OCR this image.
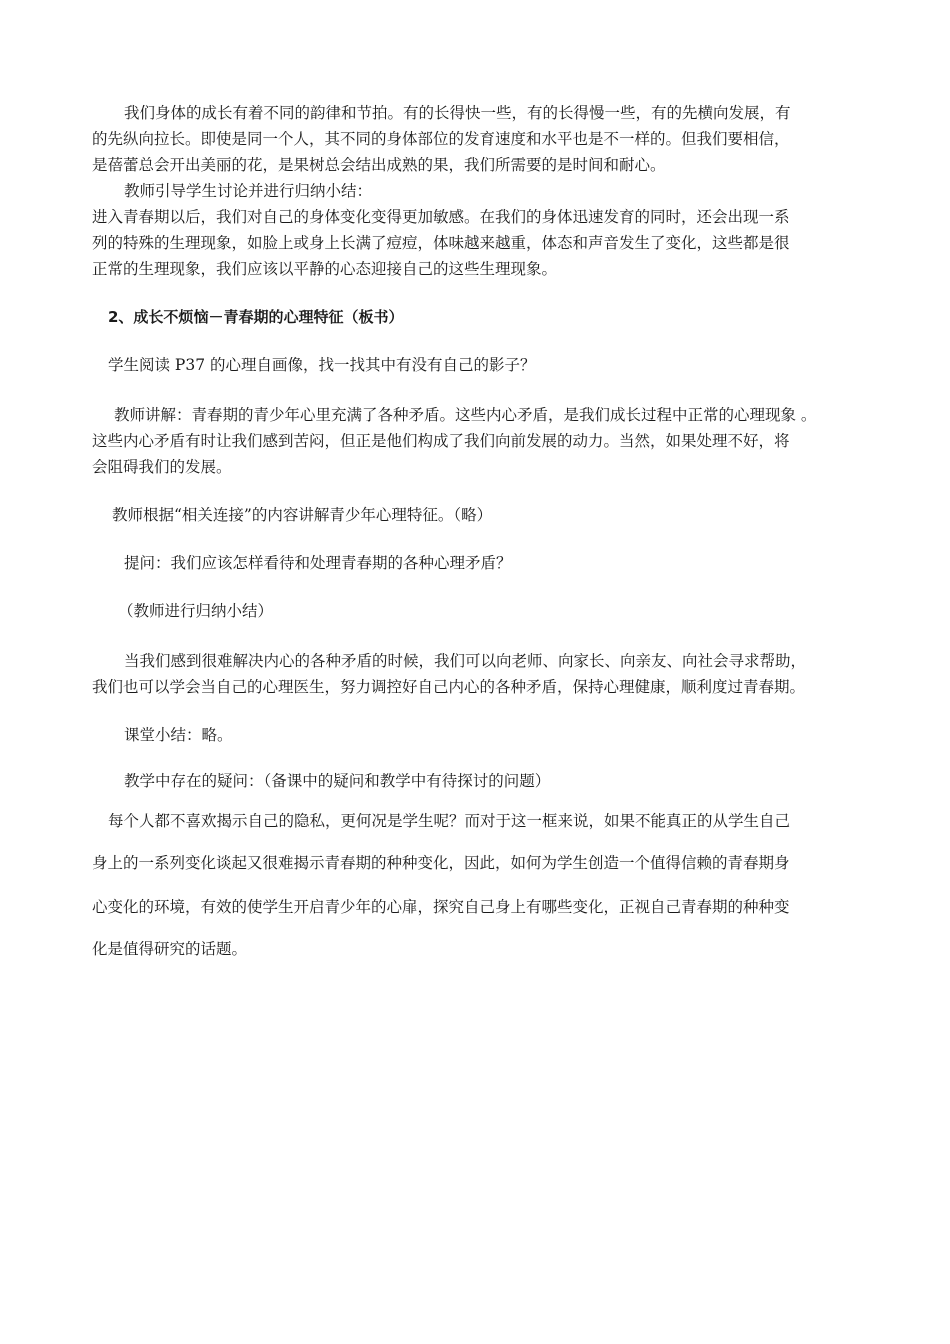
我们身体的成长有着不同的韵律和节拍。有的长得快一些，有的长得慢一些，有的先横向发展，有

的先纵向拉长。即使是同一个人，其不同的身体部位的发育速度和水平也是不一样的。但我们要相信，

是蓓蕾总会开出美丽的花，是果树总会结出成熟的果，我们所需要的是时间和耐心。

教师引导学生讨论并进行归纳小结：

进入青春期以后，我们对自己的身体变化变得更加敏感。在我们的身体迅速发育的同时，还会出现一系

列的特殊的生理现象，如脸上或身上长满了痘痘，体味越来越重，体态和声音发生了变化，这些都是很

正常的生理现象，我们应该以平静的心态迎接自己的这些生理现象。

2、成长不烦恼－青春期的心理特征（板书）

学生阅读 P37 的心理自画像，找一找其中有没有自己的影子？

教师讲解：青春期的青少年心里充满了各种矛盾。这些内心矛盾，是我们成长过程中正常的心理现象 。

这些内心矛盾有时让我们感到苦闷，但正是他们构成了我们向前发展的动力。当然，如果处理不好，将

会阻碍我们的发展。

教师根据“相关连接”的内容讲解青少年心理特征。（略）

提问：我们应该怎样看待和处理青春期的各种心理矛盾？

（教师进行归纳小结）

当我们感到很难解决内心的各种矛盾的时候，我们可以向老师、向家长、向亲友、向社会寻求帮助，

我们也可以学会当自己的心理医生，努力调控好自己内心的各种矛盾，保持心理健康，顺利度过青春期。

课堂小结：略。

教学中存在的疑问：（备课中的疑问和教学中有待探讨的问题）

每个人都不喜欢揭示自己的隐私，更何况是学生呢？而对于这一框来说，如果不能真正的从学生自己

身上的一系列变化谈起又很难揭示青春期的种种变化，因此，如何为学生创造一个值得信赖的青春期身

心变化的环境，有效的使学生开启青少年的心扉，探究自己身上有哪些变化，正视自己青春期的种种变

化是值得研究的话题。
